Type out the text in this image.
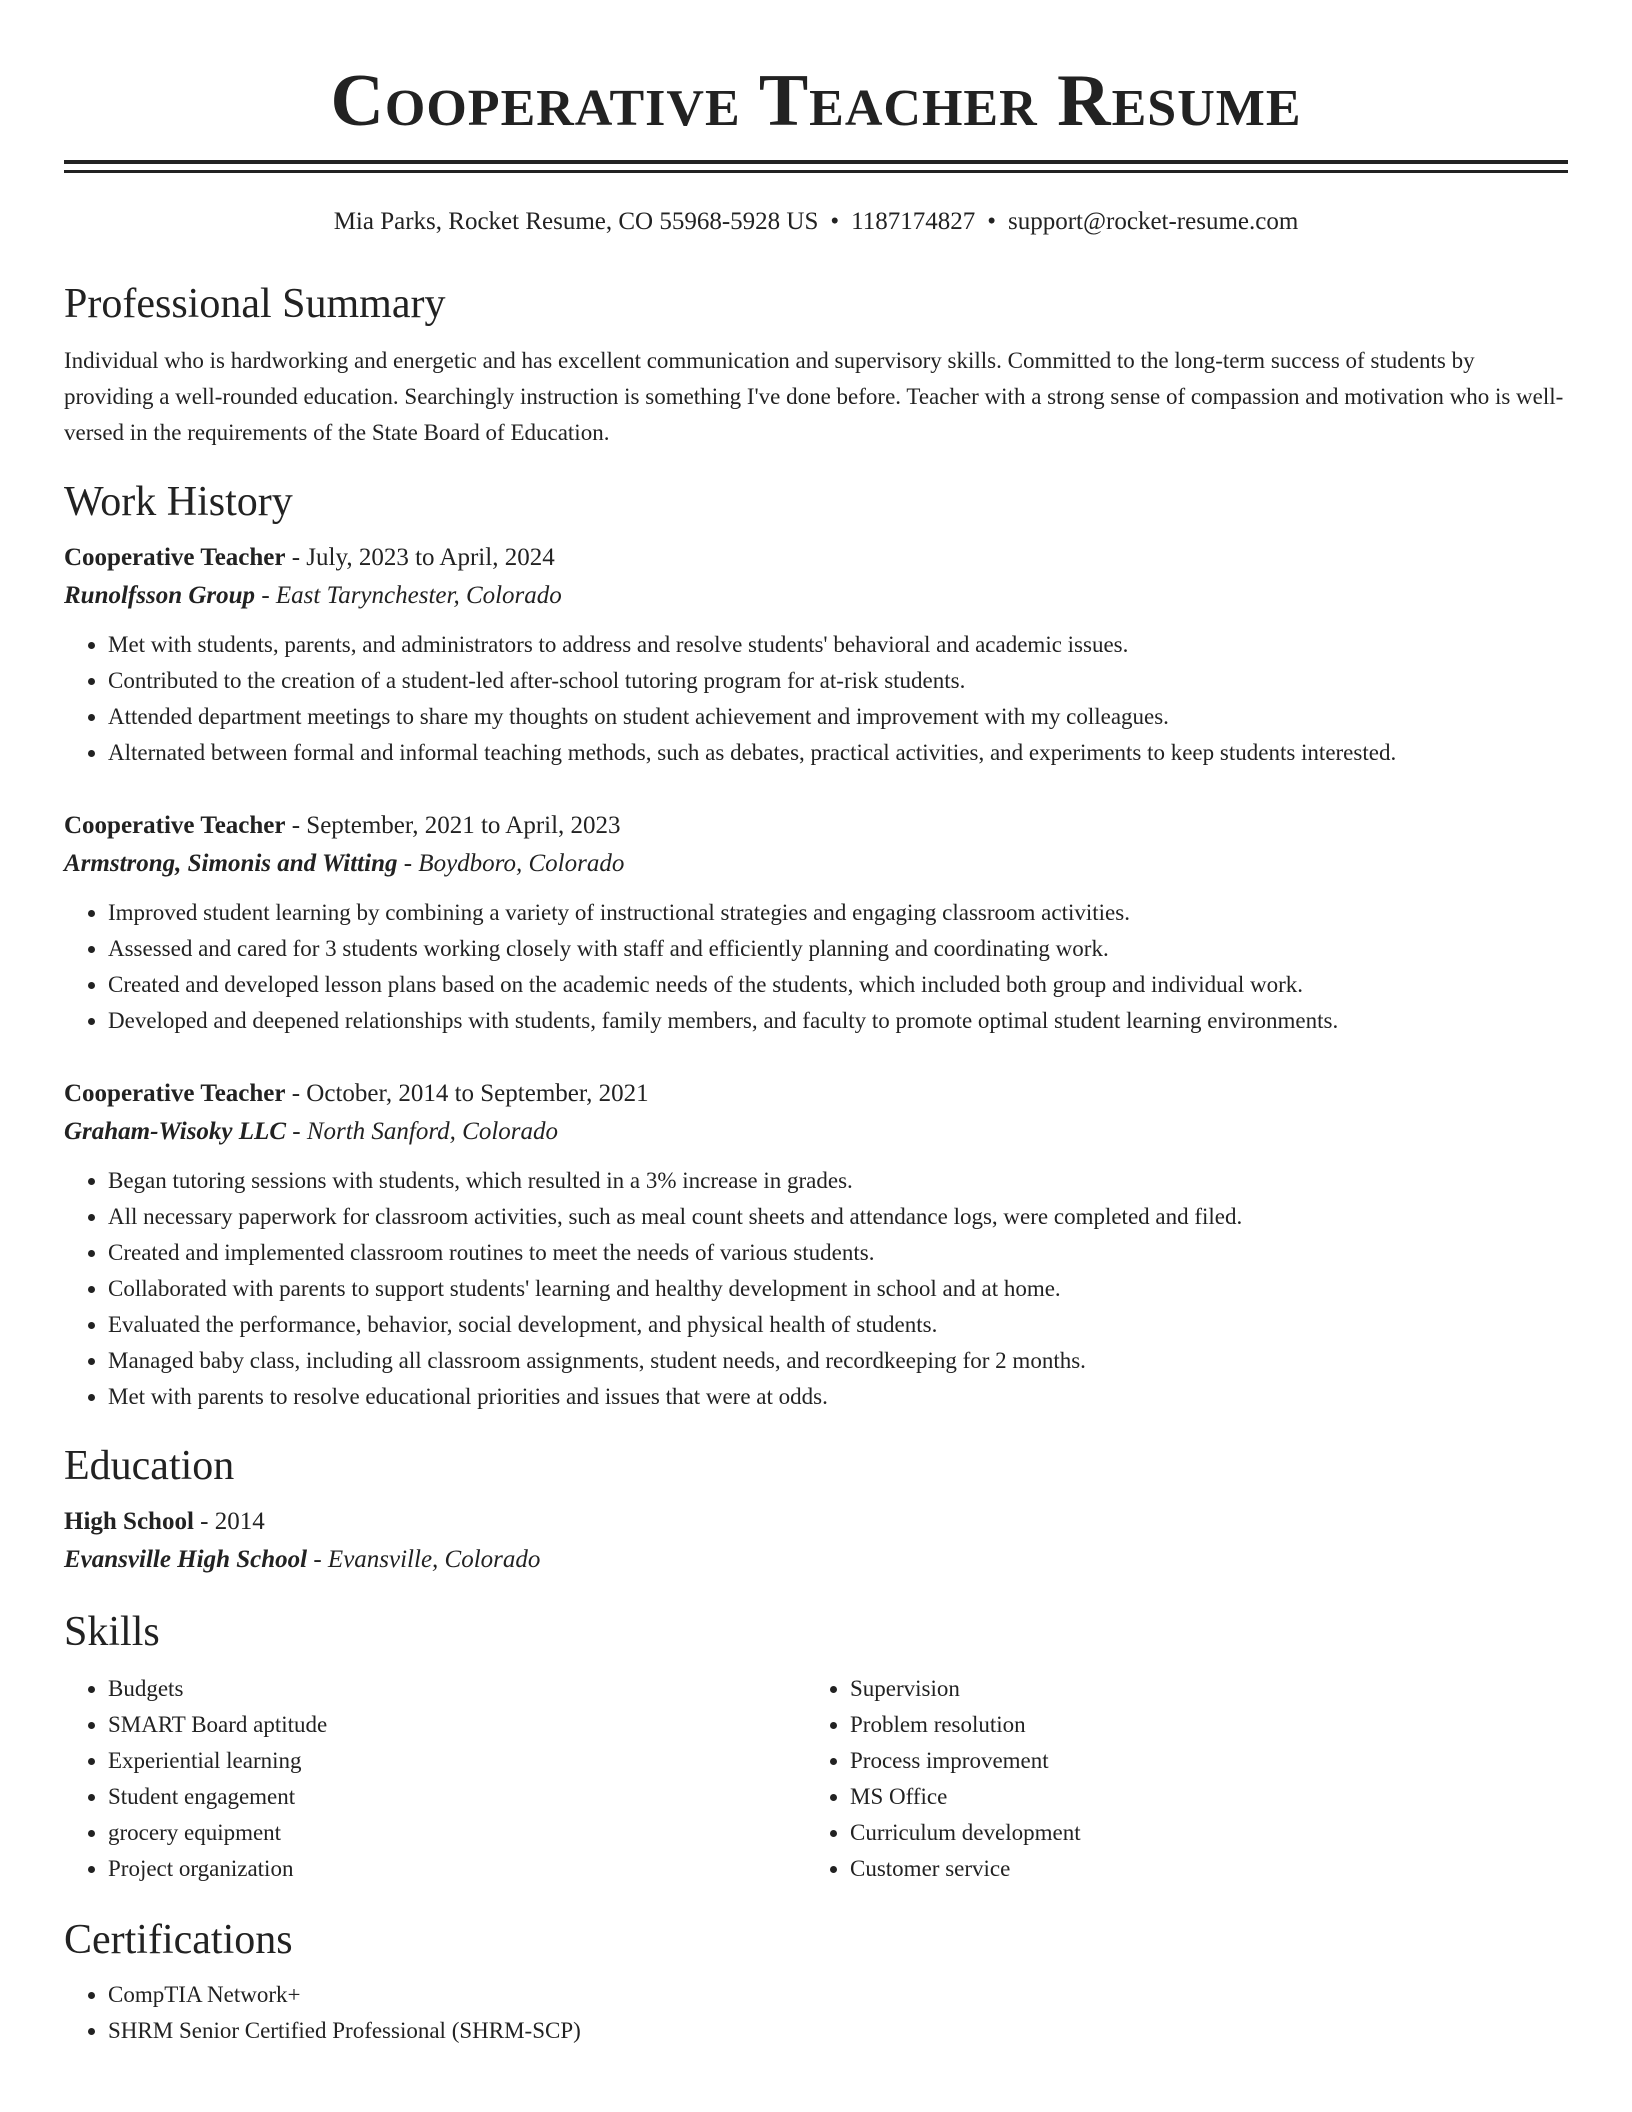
Cooperative Teacher Resume
Mia Parks, Rocket Resume, CO 55968-5928 US • 1187174827 • support@rocket-resume.com
Professional Summary

Individual who is hardworking and energetic and has excellent communication and supervisory skills. Committed to the long-term success of students by providing a well-rounded education. Searchingly instruction is something I've done before. Teacher with a strong sense of compassion and motivation who is well-versed in the requirements of the State Board of Education.

Work History
Cooperative Teacher - July, 2023 to April, 2024
Runolfsson Group - East Tarynchester, Colorado
• Met with students, parents, and administrators to address and resolve students' behavioral and academic issues.
• Contributed to the creation of a student-led after-school tutoring program for at-risk students.
• Attended department meetings to share my thoughts on student achievement and improvement with my colleagues.
• Alternated between formal and informal teaching methods, such as debates, practical activities, and experiments to keep students interested.
Cooperative Teacher - September, 2021 to April, 2023
Armstrong, Simonis and Witting - Boydboro, Colorado
• Improved student learning by combining a variety of instructional strategies and engaging classroom activities.
• Assessed and cared for 3 students working closely with staff and efficiently planning and coordinating work.
• Created and developed lesson plans based on the academic needs of the students, which included both group and individual work.
• Developed and deepened relationships with students, family members, and faculty to promote optimal student learning environments.
Cooperative Teacher - October, 2014 to September, 2021
Graham-Wisoky LLC - North Sanford, Colorado
• Began tutoring sessions with students, which resulted in a 3% increase in grades.
• All necessary paperwork for classroom activities, such as meal count sheets and attendance logs, were completed and filed.
• Created and implemented classroom routines to meet the needs of various students.
• Collaborated with parents to support students' learning and healthy development in school and at home.
• Evaluated the performance, behavior, social development, and physical health of students.
• Managed baby class, including all classroom assignments, student needs, and recordkeeping for 2 months.
• Met with parents to resolve educational priorities and issues that were at odds.
Education
High School - 2014
Evansville High School - Evansville, Colorado
Skills
• Budgets
• SMART Board aptitude
• Experiential learning
• Student engagement
• grocery equipment
• Project organization
• Supervision
• Problem resolution
• Process improvement
• MS Office
• Curriculum development
• Customer service
Certifications
• CompTIA Network+
• SHRM Senior Certified Professional (SHRM-SCP)
